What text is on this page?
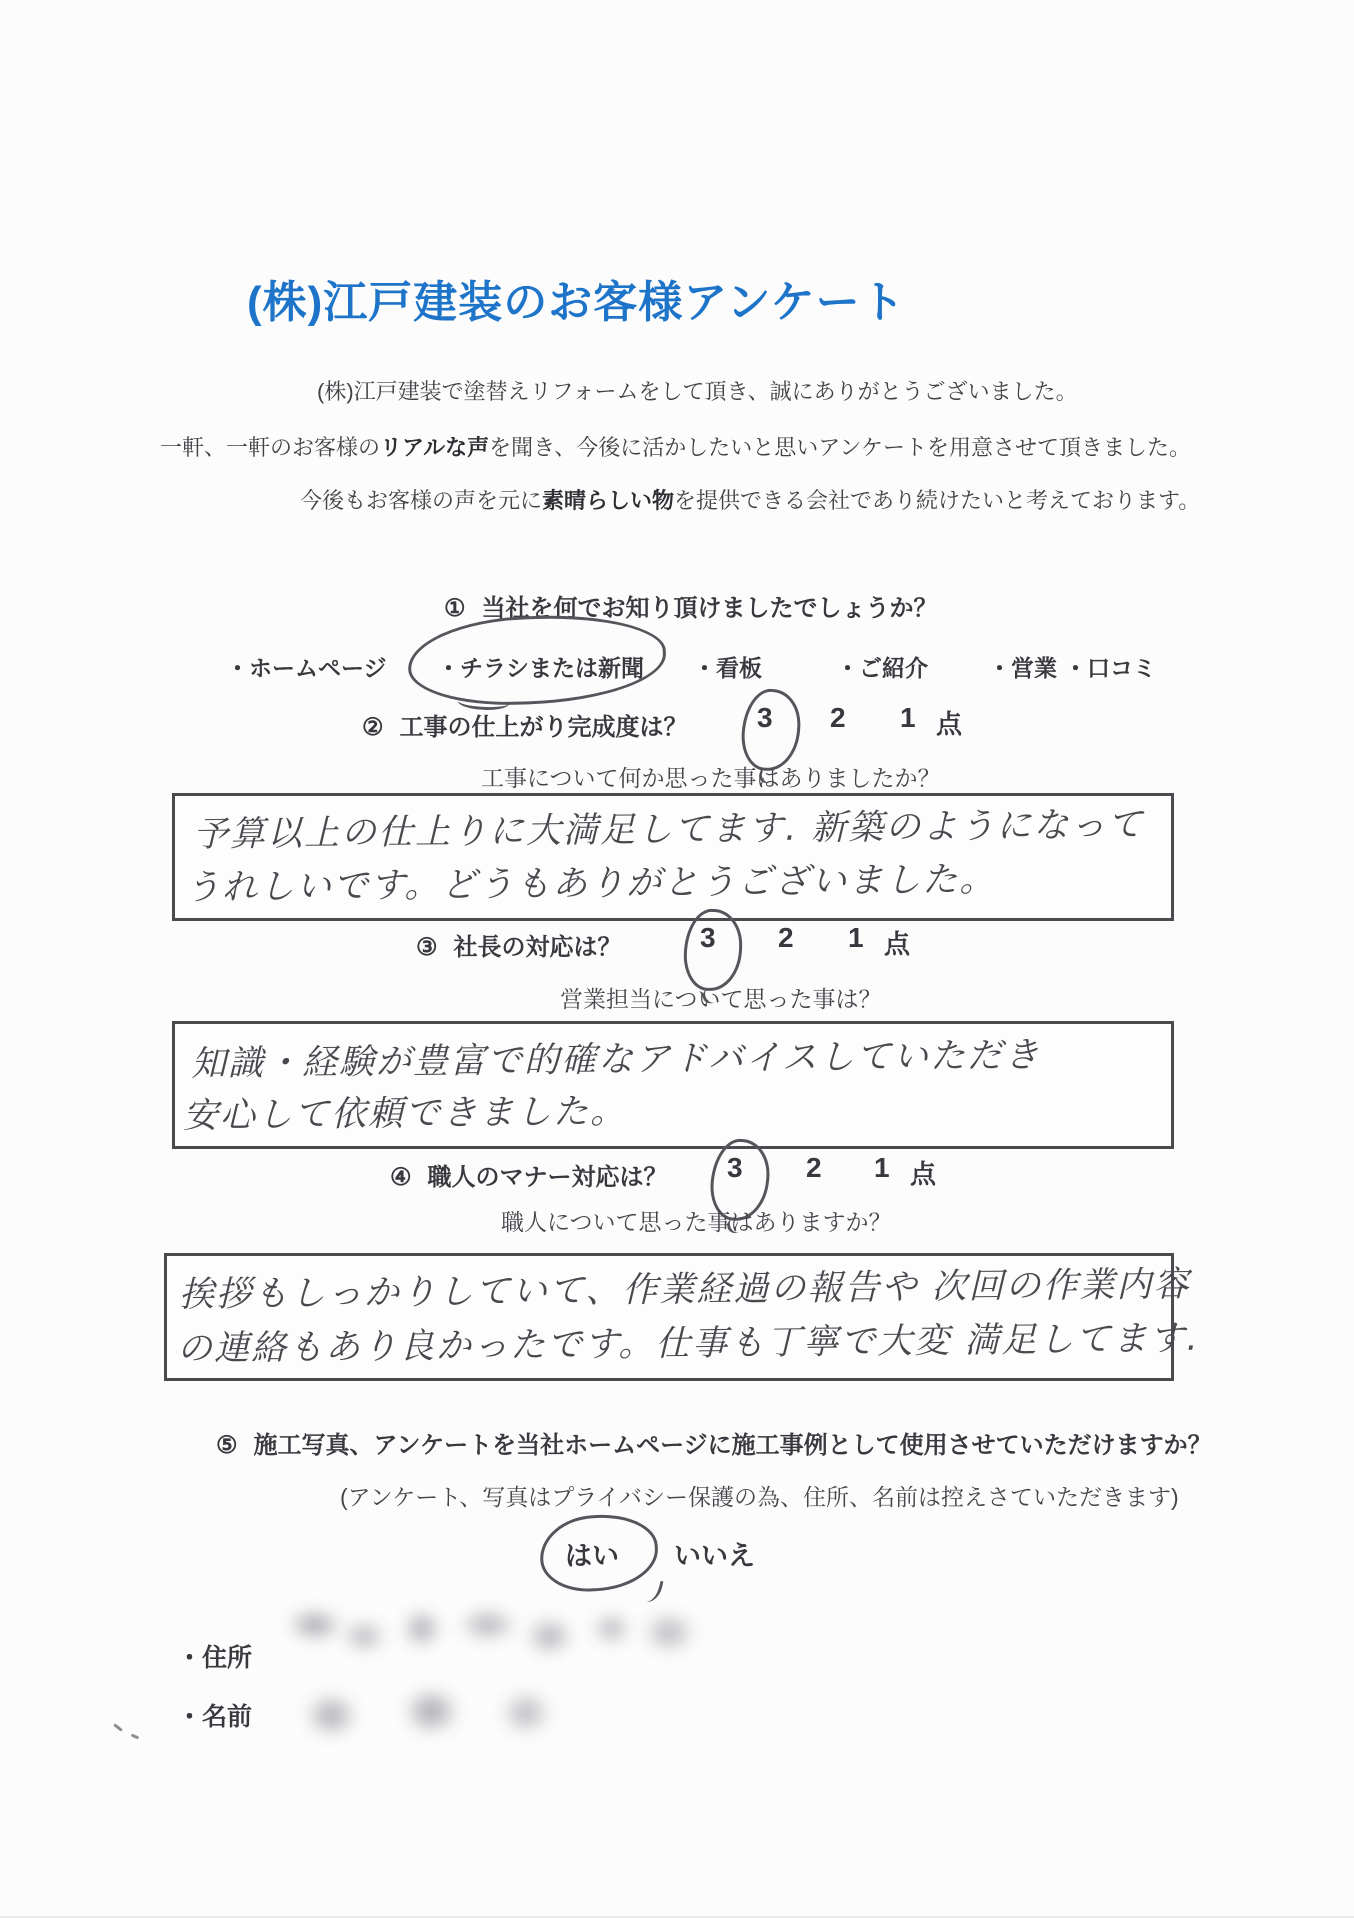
(株)江戸建装のお客様アンケート
(株)江戸建装で塗替えリフォームをして頂き、誠にありがとうございました。
一軒、一軒のお客様のリアルな声を聞き、今後に活かしたいと思いアンケートを用意させて頂きました。
今後もお客様の声を元に素晴らしい物を提供できる会社であり続けたいと考えております。
① 当社を何でお知り頂けましたでしょうか？
・ホームページ ・チラシまたは新聞 ・看板	・ご紹介	・営業 ・口コミ
② 工事の仕上がり完成度は？ 3 2 1 点
工事について何か思った事はありましたか？
予算以上の仕上りに大満足してます. 新築のようになって
うれしいです。どうもありがとうございました。
③ 社長の対応は？	3 2 1 点
営業担当について思った事は？
知識・経験が豊富で的確なアドバイスしていただき
安心して依頼できました。
④ 職人のマナー対応は？ 3 2 1 点
職人について思った事はありますか？
挨拶もしっかりしていて、作業経過の報告や 次回の作業内容
の連絡もあり良かったです。仕事も丁寧で大変 満足してます.
⑤ 施工写真、アンケートを当社ホームページに施工事例として使用させていただけますか？
(アンケート、写真はプライバシー保護の為、住所、名前は控えさていただきます)
はい いいえ
・住所
・名前
